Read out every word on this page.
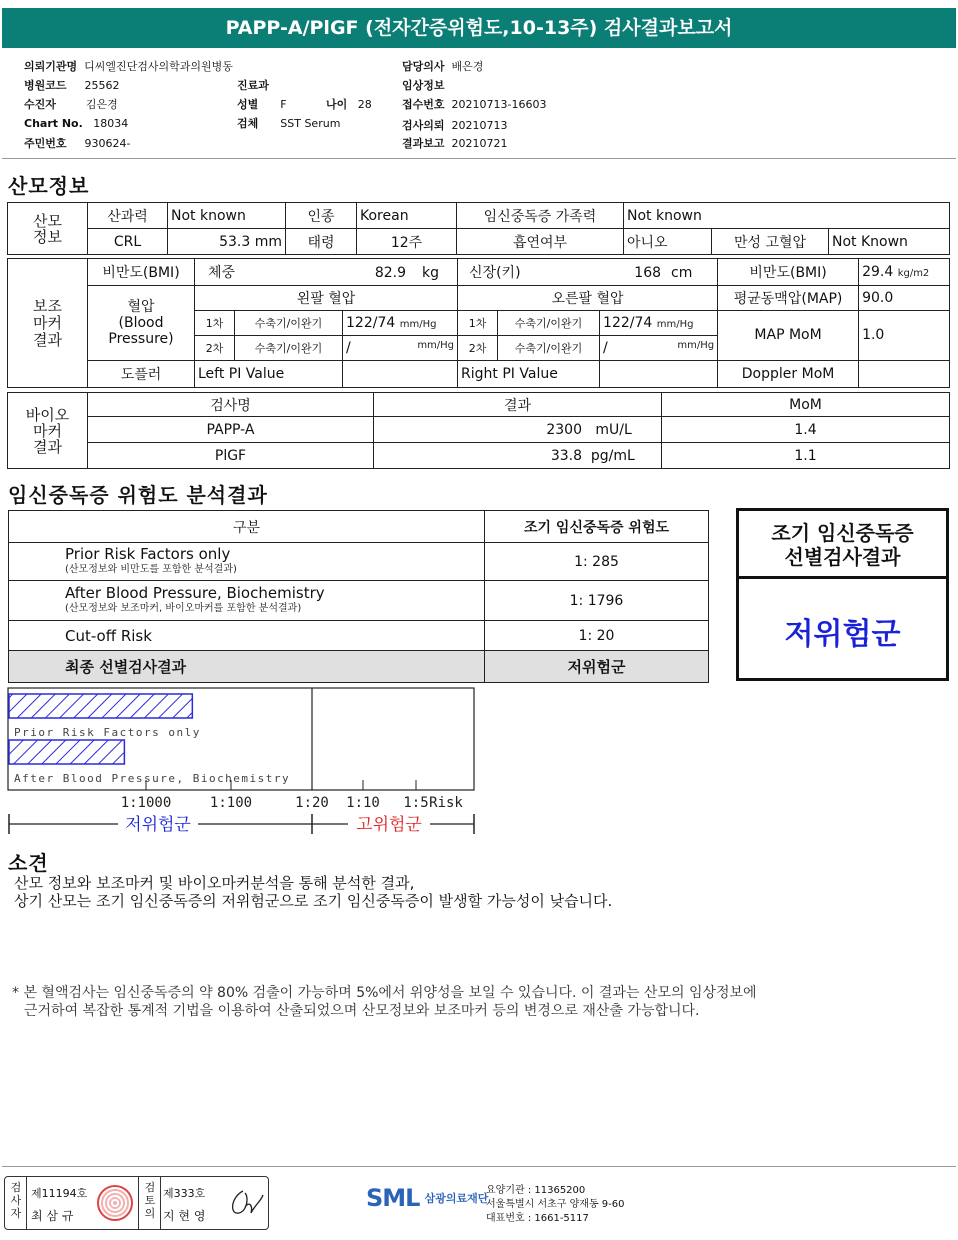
PAPP-A/PlGF (전자간증위험도,10-13주) 검사결과보고서
의뢰기관명 디씨엘진단검사의학과의원병동	담당의사 배은경
병원코드 25562	진료과	임상정보
수진자	김은경	성별 F	나이 28	접수번호 20210713-16603
Chart No. 18034	검체 SST Serum	검사의뢰 20210713
주민번호 930624-	결과보고 20210721
산모정보
산모
정보	산과력	Not known	인종	Korean	임신중독증 가족력	Not known		
	CRL	53.3 mm	태령	12주	흡연여부	아니오	만성 고혈압	Not Known
보조
마커
결과	비만도(BMI)	체중 82.9 kg			신장(키) 168 cm			비만도(BMI)	29.4 kg/m2
	혈압
(Blood
Pressure)	왼팔 혈압			오른팔 혈압			평균동맥압(MAP)	90.0
		1차	수축기/이완기	122/74 mm/Hg	1차	수축기/이완기	122/74 mm/Hg	MAP MoM	1.0
		2차	수축기/이완기	/ mm/Hg	2차	수축기/이완기	/ mm/Hg		

	도플러	Left PI Value			Right PI Value			Doppler MoM	
바이오
마커
결과	검사명	결과	MoM
	PAPP-A	2300 mU/L	1.4
	PlGF	33.8 pg/mL	1.1
임신중독증 위험도 분석결과
구분	조기 임신중독증 위험도

Prior Risk Factors only
(산모정보와 비만도를 포함한 분석결과)	1: 285

After Blood Pressure, Biochemistry
(산모정보와 보조마커, 바이오마커를 포함한 분석결과)	1: 1796
Cut-off Risk	1: 20
최종 선별검사결과	저위험군
조기 임신중독증
선별검사결과
저위험군
Prior Risk Factors only
After Blood Pressure, Biochemistry
1:1000	1:100	1:20 1:10 1:5 Risk
저위험군	고위험군
소견
산모 정보와 보조마커 및 바이오마커분석을 통해 분석한 결과,
상기 산모는 조기 임신중독증의 저위험군으로 조기 임신중독증이 발생할 가능성이 낮습니다.
* 본 혈액검사는 임신중독증의 약 80% 검출이 가능하며 5%에서 위양성을 보일 수 있습니다. 이 결과는 산모의 임상정보에
근거하여 복잡한 통계적 기법을 이용하여 산출되었으며 산모정보와 보조마커 등의 변경으로 재산출 가능합니다.
검사자
제11194호
최 삼 규
검토의
제333호
지 현 영
SML $^{삼광의료재단}$
요양기관 : 11365200
서울특별시 서초구 양재동 9-60
대표번호 : 1661-5117
